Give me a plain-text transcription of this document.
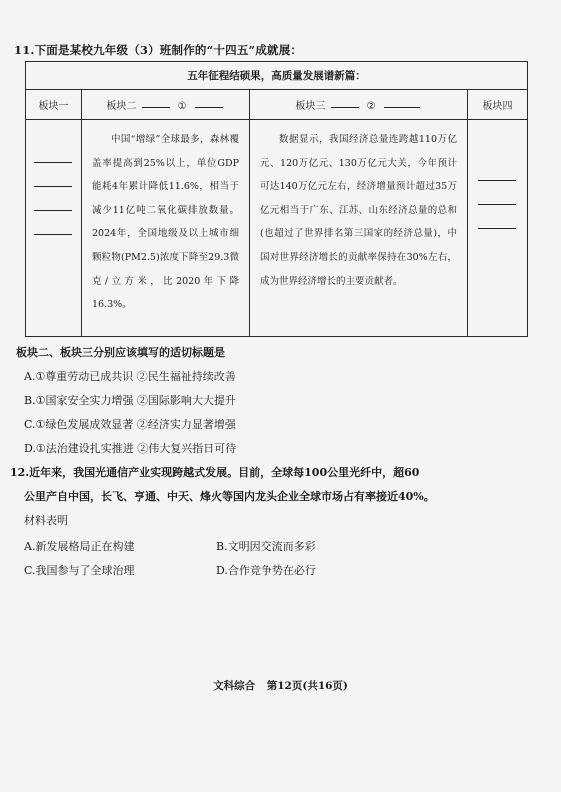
11.下面是某校九年级（3）班制作的“十四五”成就展：
五年征程结硕果，高质量发展谱新篇：			
板块一	板块二 ①	板块三 ②	板块四

	中国“增绿”全球最多，森林覆盖率提高到25%以上，单位GDP能耗4年累计降低11.6%，相当于减少11亿吨二氧化碳排放数量。2024年，全国地级及以上城市细颗粒物(PM2.5)浓度下降至29.3微克/立方米，比2020年下降16.3%。	数据显示，我国经济总量连跨越110万亿元、120万亿元、130万亿元大关，今年预计可达140万亿元左右，经济增量预计超过35万亿元相当于广东、江苏、山东经济总量的总和(也超过了世界排名第三国家的经济总量)，中国对世界经济增长的贡献率保持在30%左右，成为世界经济增长的主要贡献者。	

板块二、板块三分别应该填写的适切标题是
A.①尊重劳动已成共识 ②民生福祉持续改善
B.①国家安全实力增强 ②国际影响大大提升
C.①绿色发展成效显著 ②经济实力显著增强
D.①法治建设扎实推进 ②伟大复兴指日可待
12.近年来，我国光通信产业实现跨越式发展。目前，全球每100公里光纤中，超60
公里产自中国，长飞、亨通、中天、烽火等国内龙头企业全球市场占有率接近40%。
材料表明
A.新发展格局正在构建	B.文明因交流而多彩
C.我国参与了全球治理	D.合作竞争势在必行
文科综合 第12页(共16页)
